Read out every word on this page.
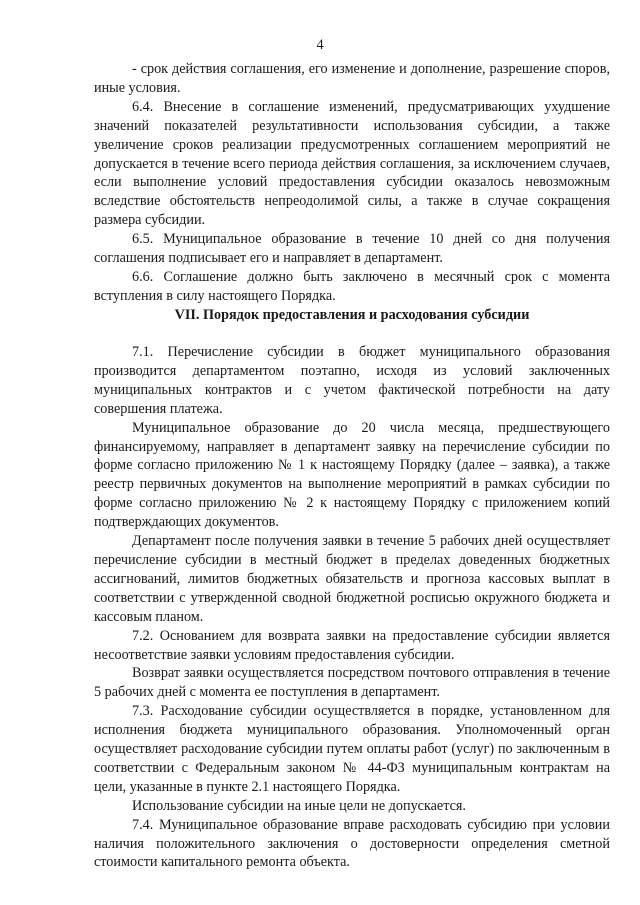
4

- срок действия соглашения, его изменение и дополнение, разрешение споров, иные условия.

6.4. Внесение в соглашение изменений, предусматривающих ухудшение значений показателей результативности использования субсидии, а также увеличение сроков реализации предусмотренных соглашением мероприятий не допускается в течение всего периода действия соглашения, за исключением случаев, если выполнение условий предоставления субсидии оказалось невозможным вследствие обстоятельств непреодолимой силы, а также в случае сокращения размера субсидии.

6.5. Муниципальное образование в течение 10 дней со дня получения соглашения подписывает его и направляет в департамент.

6.6. Соглашение должно быть заключено в месячный срок с момента вступления в силу настоящего Порядка.

VII. Порядок предоставления и расходования субсидии

7.1. Перечисление субсидии в бюджет муниципального образования производится департаментом поэтапно, исходя из условий заключенных муниципальных контрактов и с учетом фактической потребности на дату совершения платежа.

Муниципальное образование до 20 числа месяца, предшествующего финансируемому, направляет в департамент заявку на перечисление субсидии по форме согласно приложению № 1 к настоящему Порядку (далее – заявка), а также реестр первичных документов на выполнение мероприятий в рамках субсидии по форме согласно приложению № 2 к настоящему Порядку с приложением копий подтверждающих документов.

Департамент после получения заявки в течение 5 рабочих дней осуществляет перечисление субсидии в местный бюджет в пределах доведенных бюджетных ассигнований, лимитов бюджетных обязательств и прогноза кассовых выплат в соответствии с утвержденной сводной бюджетной росписью окружного бюджета и кассовым планом.

7.2. Основанием для возврата заявки на предоставление субсидии является несоответствие заявки условиям предоставления субсидии.

Возврат заявки осуществляется посредством почтового отправления в течение 5 рабочих дней с момента ее поступления в департамент.

7.3. Расходование субсидии осуществляется в порядке, установленном для исполнения бюджета муниципального образования. Уполномоченный орган осуществляет расходование субсидии путем оплаты работ (услуг) по заключенным в соответствии с Федеральным законом № 44-ФЗ муниципальным контрактам на цели, указанные в пункте 2.1 настоящего Порядка.

Использование субсидии на иные цели не допускается.

7.4. Муниципальное образование вправе расходовать субсидию при условии наличия положительного заключения о достоверности определения сметной стоимости капитального ремонта объекта.
